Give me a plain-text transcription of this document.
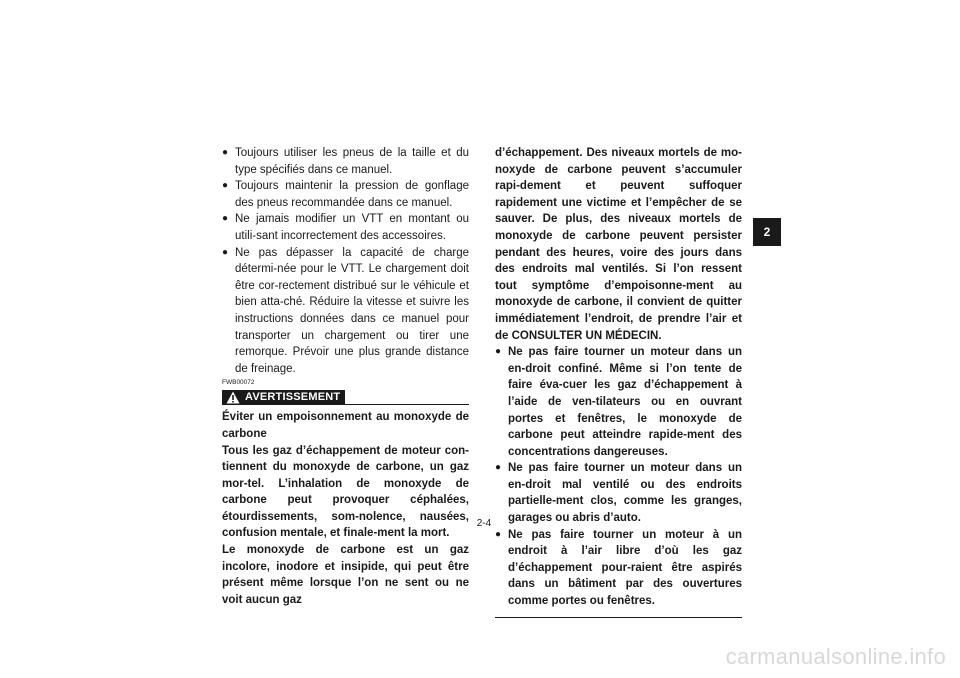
● Toujours utiliser les pneus de la taille et du type spécifiés dans ce manuel.

● Toujours maintenir la pression de gonflage des pneus recommandée dans ce manuel.

● Ne jamais modifier un VTT en montant ou utili-sant incorrectement des accessoires.

● Ne pas dépasser la capacité de charge détermi-née pour le VTT. Le chargement doit être cor-rectement distribué sur le véhicule et bien atta-ché. Réduire la vitesse et suivre les instructions données dans ce manuel pour transporter un chargement ou tirer une remorque. Prévoir une plus grande distance de freinage.

FWB00072
AVERTISSEMENT

Éviter un empoisonnement au monoxyde de carbone

Tous les gaz d’échappement de moteur con-tiennent du monoxyde de carbone, un gaz mor-tel. L’inhalation de monoxyde de carbone peut provoquer céphalées, étourdissements, som-nolence, nausées, confusion mentale, et finale-ment la mort.

Le monoxyde de carbone est un gaz incolore, inodore et insipide, qui peut être présent même lorsque l’on ne sent ou ne voit aucun gaz

d’échappement. Des niveaux mortels de mo-noxyde de carbone peuvent s’accumuler rapi-dement et peuvent suffoquer rapidement une victime et l’empêcher de se sauver. De plus, des niveaux mortels de monoxyde de carbone peuvent persister pendant des heures, voire des jours dans des endroits mal ventilés. Si l’on ressent tout symptôme d’empoisonne-ment au monoxyde de carbone, il convient de quitter immédiatement l’endroit, de prendre l’air et de CONSULTER UN MÉDECIN.

● Ne pas faire tourner un moteur dans un en-droit confiné. Même si l’on tente de faire éva-cuer les gaz d’échappement à l’aide de ven-tilateurs ou en ouvrant portes et fenêtres, le monoxyde de carbone peut atteindre rapide-ment des concentrations dangereuses.

● Ne pas faire tourner un moteur dans un en-droit mal ventilé ou des endroits partielle-ment clos, comme les granges, garages ou abris d’auto.

● Ne pas faire tourner un moteur à un endroit à l’air libre d’où les gaz d’échappement pour-raient être aspirés dans un bâtiment par des ouvertures comme portes ou fenêtres.

2-4
2
carmanualsonline.info
